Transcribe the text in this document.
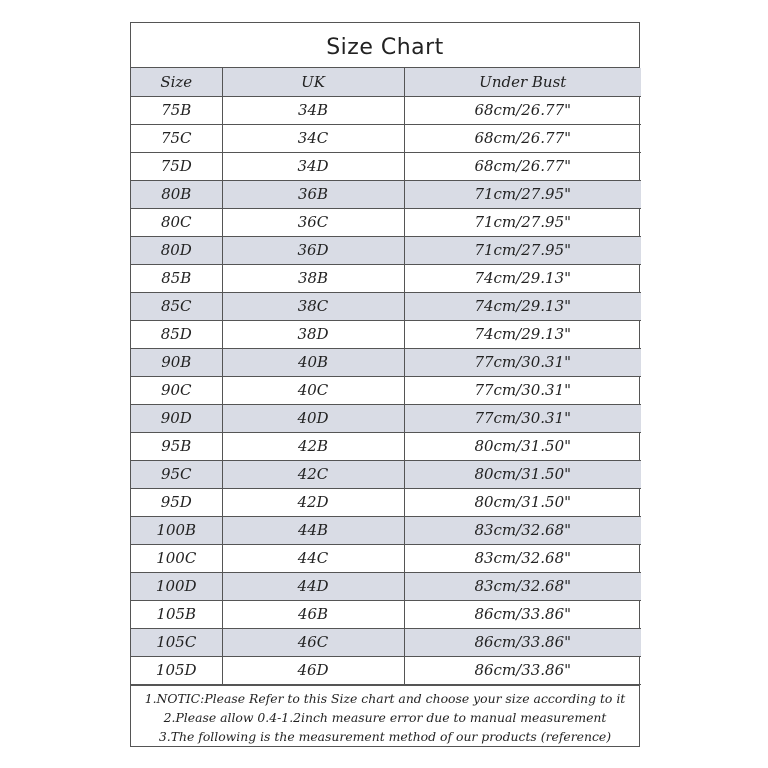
Size Chart
Size	UK	Under Bust
75B	34B	68cm/26.77"
75C	34C	68cm/26.77"
75D	34D	68cm/26.77"
80B	36B	71cm/27.95"
80C	36C	71cm/27.95"
80D	36D	71cm/27.95"
85B	38B	74cm/29.13"
85C	38C	74cm/29.13"
85D	38D	74cm/29.13"
90B	40B	77cm/30.31"
90C	40C	77cm/30.31"
90D	40D	77cm/30.31"
95B	42B	80cm/31.50"
95C	42C	80cm/31.50"
95D	42D	80cm/31.50"
100B	44B	83cm/32.68"
100C	44C	83cm/32.68"
100D	44D	83cm/32.68"
105B	46B	86cm/33.86"
105C	46C	86cm/33.86"
105D	46D	86cm/33.86"
1.NOTIC:Please Refer to this Size chart and choose your size according to it
2.Please allow 0.4-1.2inch measure error due to manual measurement
3.The following is the measurement method of our products (reference)
